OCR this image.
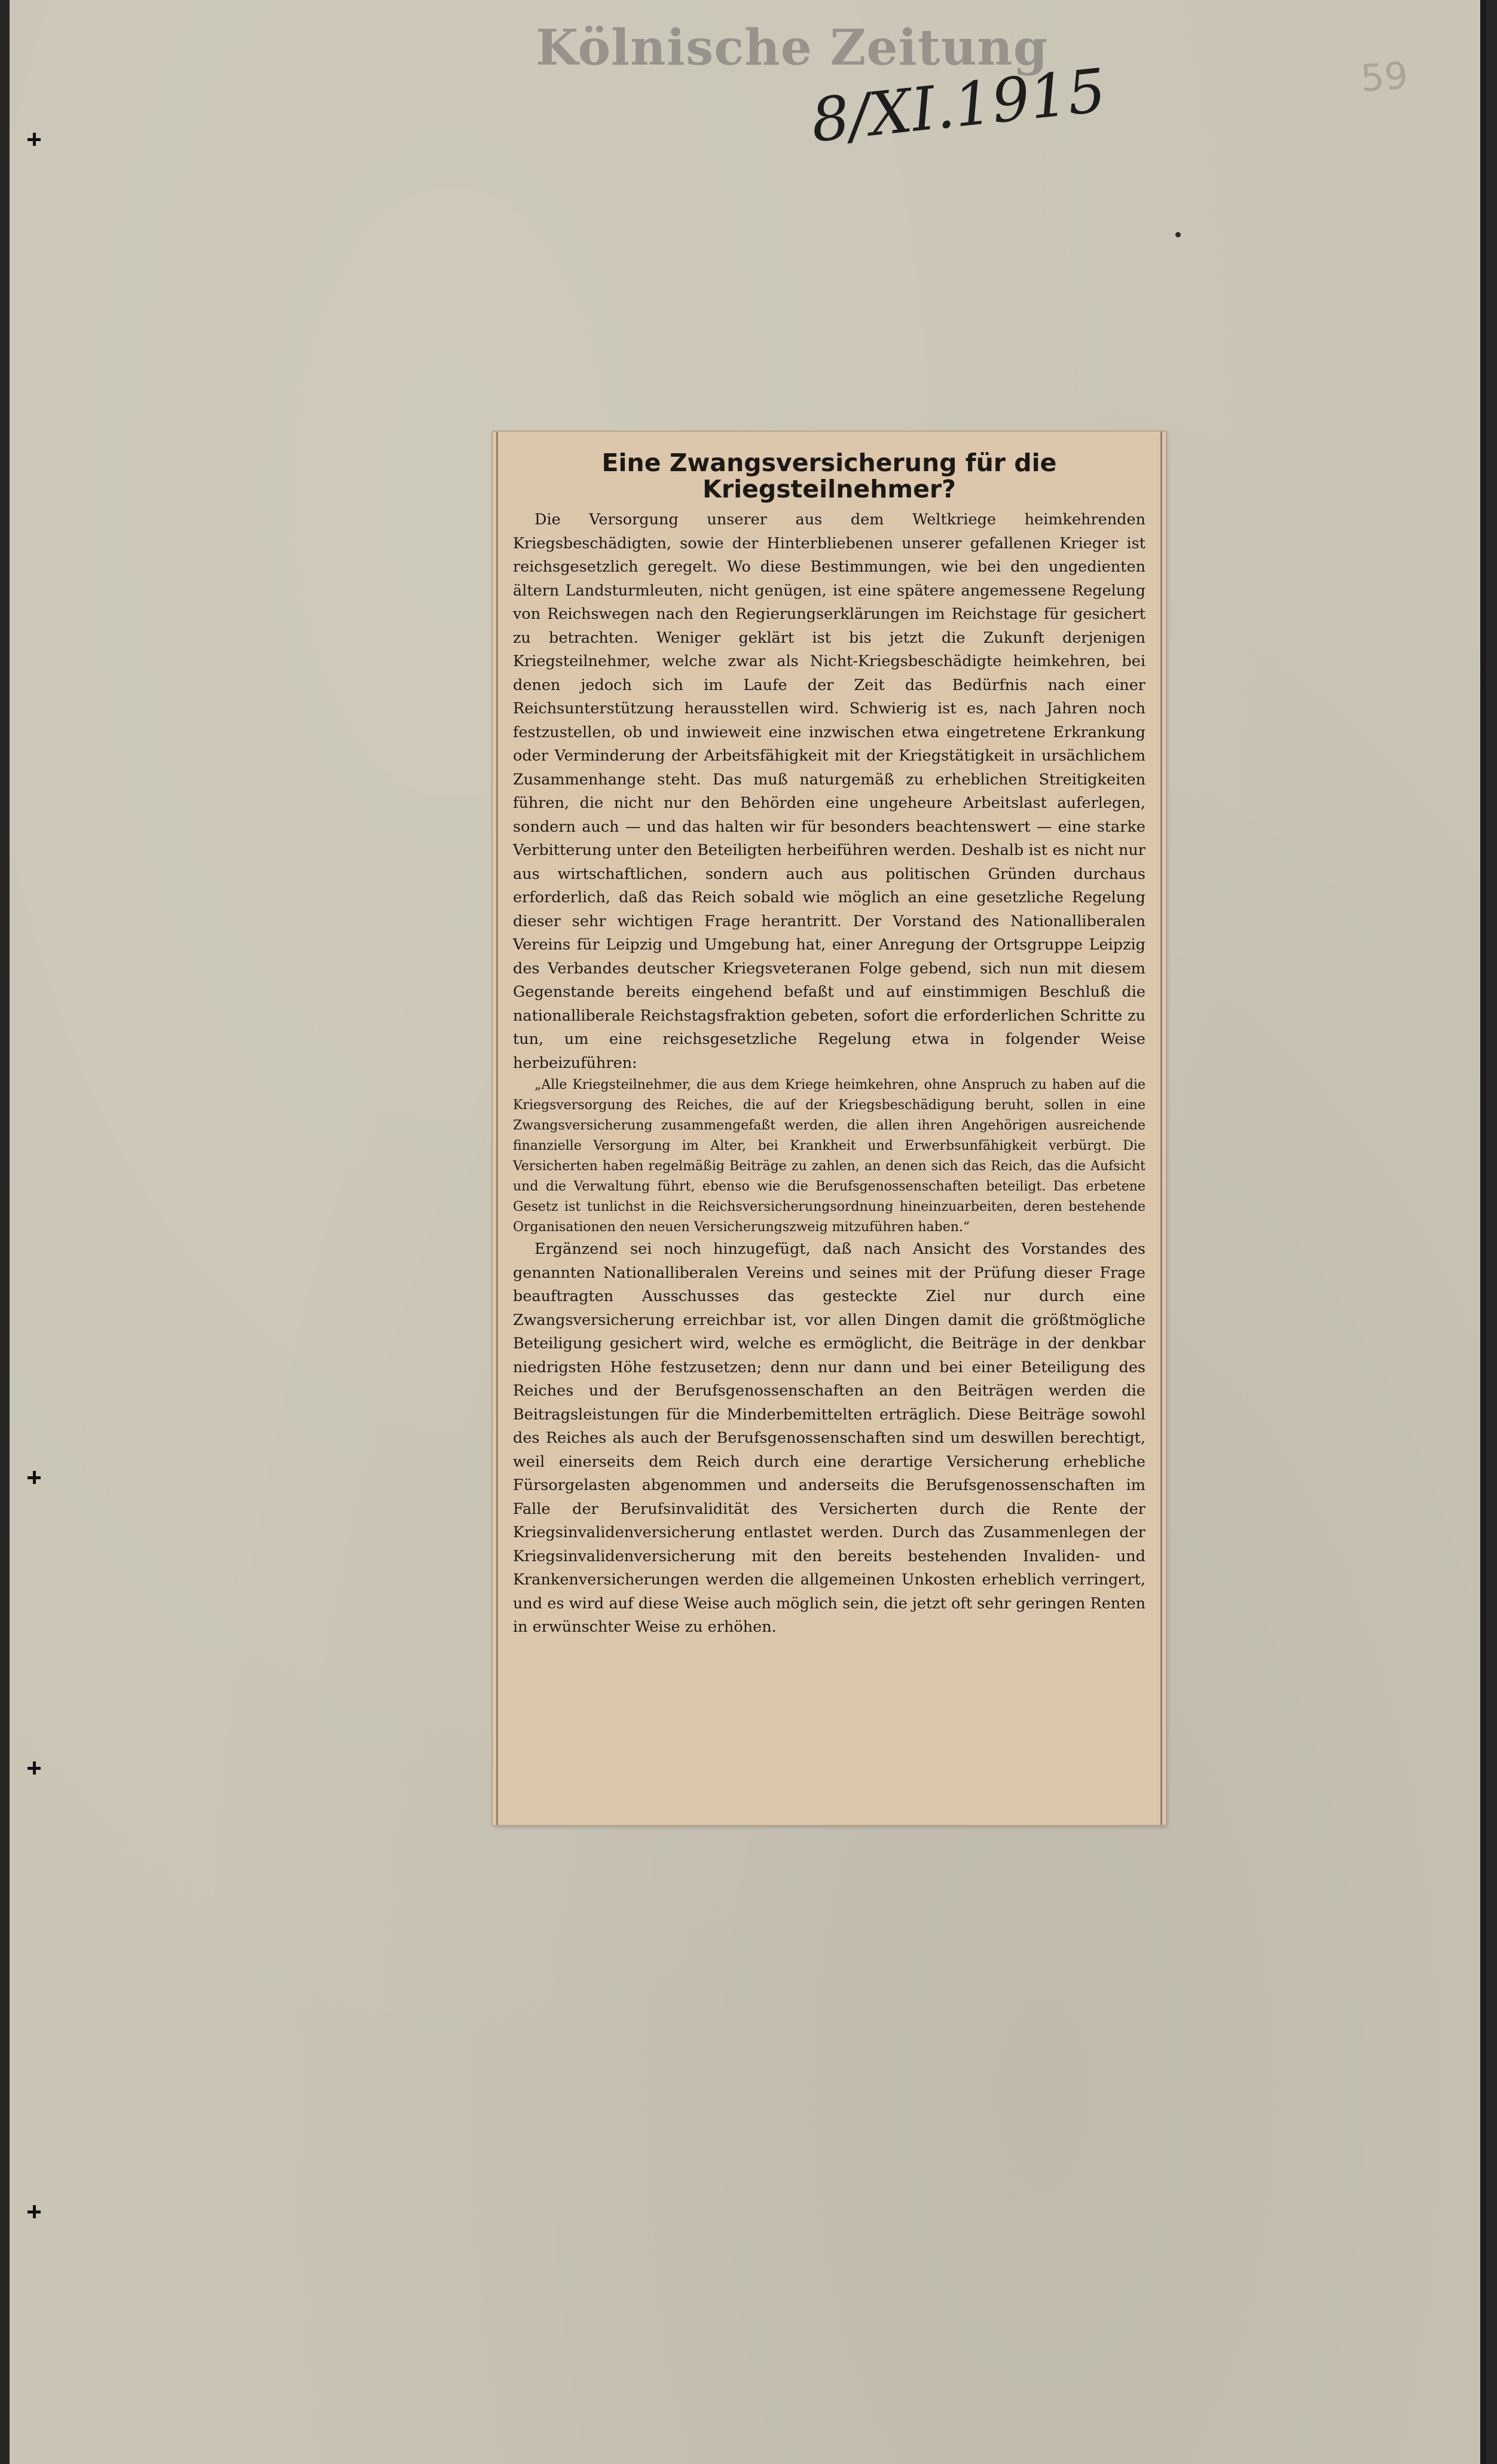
Kölnische Zeitung
8/XI.1915	59
Eine Zwangsversicherung für die Kriegsteilnehmer?

Die Versorgung unserer aus dem Weltkriege heimkehrenden Kriegsbeschädigten, sowie der Hinterbliebenen unserer gefallenen Krieger ist reichsgesetzlich geregelt. Wo diese Bestimmungen, wie bei den ungedienten ältern Landsturmleuten, nicht genügen, ist eine spätere angemessene Regelung von Reichswegen nach den Regierungserklärungen im Reichstage für gesichert zu betrachten. Weniger geklärt ist bis jetzt die Zukunft derjenigen Kriegsteilnehmer, welche zwar als Nicht-Kriegsbeschädigte heimkehren, bei denen jedoch sich im Laufe der Zeit das Bedürfnis nach einer Reichsunterstützung herausstellen wird. Schwierig ist es, nach Jahren noch festzustellen, ob und inwieweit eine inzwischen etwa eingetretene Erkrankung oder Verminderung der Arbeitsfähigkeit mit der Kriegstätigkeit in ursächlichem Zusammenhange steht. Das muß naturgemäß zu erheblichen Streitigkeiten führen, die nicht nur den Behörden eine ungeheure Arbeitslast auferlegen, sondern auch — und das halten wir für besonders beachtenswert — eine starke Verbitterung unter den Beteiligten herbeiführen werden. Deshalb ist es nicht nur aus wirtschaftlichen, sondern auch aus politischen Gründen durchaus erforderlich, daß das Reich sobald wie möglich an eine gesetzliche Regelung dieser sehr wichtigen Frage herantritt. Der Vorstand des Nationalliberalen Vereins für Leipzig und Umgebung hat, einer Anregung der Ortsgruppe Leipzig des Verbandes deutscher Kriegsveteranen Folge gebend, sich nun mit diesem Gegenstande bereits eingehend befaßt und auf einstimmigen Beschluß die nationalliberale Reichstagsfraktion gebeten, sofort die erforderlichen Schritte zu tun, um eine reichsgesetzliche Regelung etwa in folgender Weise herbeizuführen:

„Alle Kriegsteilnehmer, die aus dem Kriege heimkehren, ohne Anspruch zu haben auf die Kriegsversorgung des Reiches, die auf der Kriegsbeschädigung beruht, sollen in eine Zwangsversicherung zusammengefaßt werden, die allen ihren Angehörigen ausreichende finanzielle Versorgung im Alter, bei Krankheit und Erwerbsunfähigkeit verbürgt. Die Versicherten haben regelmäßig Beiträge zu zahlen, an denen sich das Reich, das die Aufsicht und die Verwaltung führt, ebenso wie die Berufsgenossenschaften beteiligt. Das erbetene Gesetz ist tunlichst in die Reichsversicherungsordnung hineinzuarbeiten, deren bestehende Organisationen den neuen Versicherungszweig mitzuführen haben.“

Ergänzend sei noch hinzugefügt, daß nach Ansicht des Vorstandes des genannten Nationalliberalen Vereins und seines mit der Prüfung dieser Frage beauftragten Ausschusses das gesteckte Ziel nur durch eine Zwangsversicherung erreichbar ist, vor allen Dingen damit die größtmögliche Beteiligung gesichert wird, welche es ermöglicht, die Beiträge in der denkbar niedrigsten Höhe festzusetzen; denn nur dann und bei einer Beteiligung des Reiches und der Berufsgenossenschaften an den Beiträgen werden die Beitragsleistungen für die Minderbemittelten erträglich. Diese Beiträge sowohl des Reiches als auch der Berufsgenossenschaften sind um deswillen berechtigt, weil einerseits dem Reich durch eine derartige Versicherung erhebliche Fürsorgelasten abgenommen und anderseits die Berufsgenossenschaften im Falle der Berufsinvalidität des Versicherten durch die Rente der Kriegsinvalidenversicherung entlastet werden. Durch das Zusammenlegen der Kriegsinvalidenversicherung mit den bereits bestehenden Invaliden- und Krankenversicherungen werden die allgemeinen Unkosten erheblich verringert, und es wird auf diese Weise auch möglich sein, die jetzt oft sehr geringen Renten in erwünschter Weise zu erhöhen.
